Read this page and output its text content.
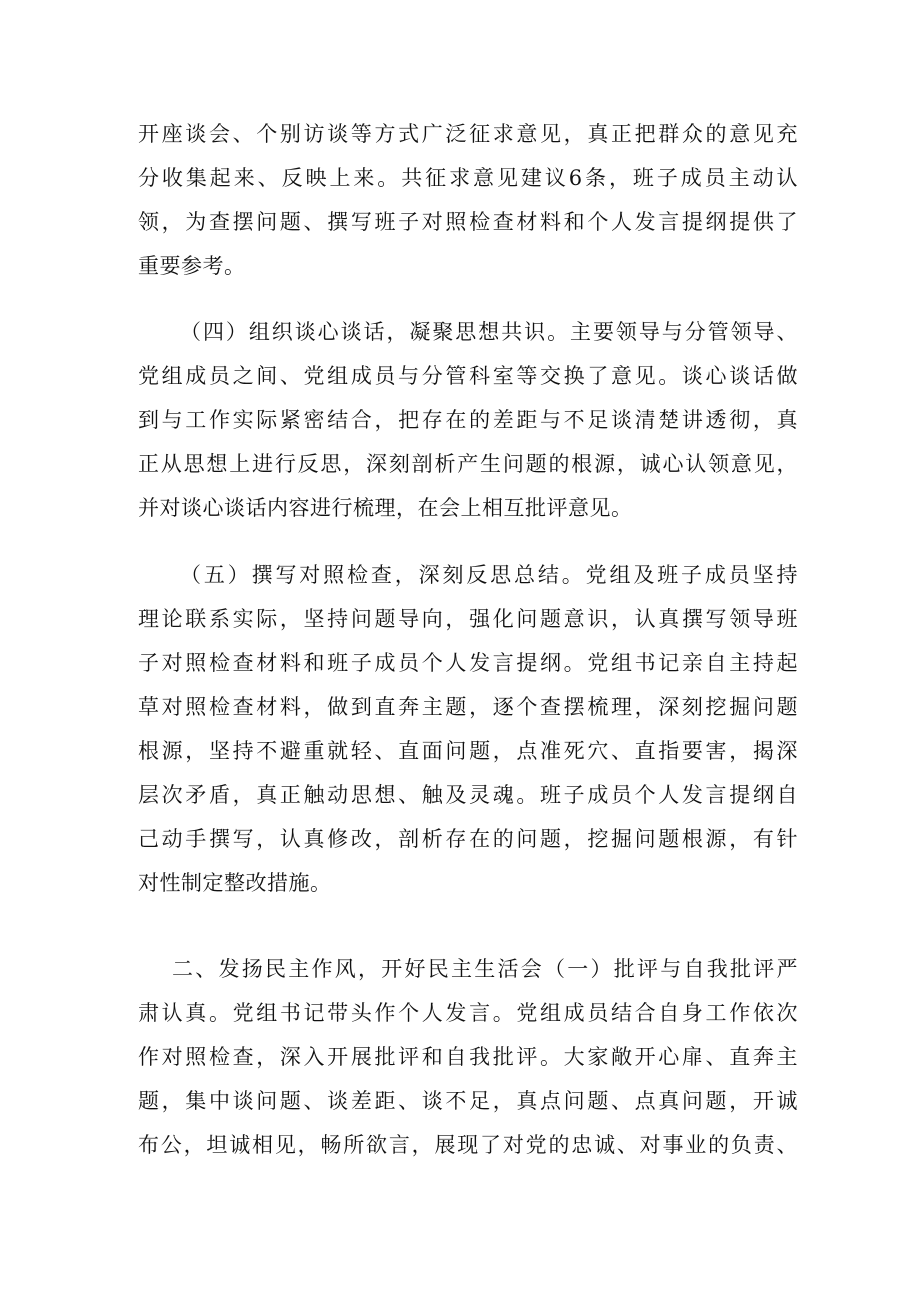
开座谈会、个别访谈等方式广泛征求意见，真正把群众的意见充
分收集起来、反映上来。共征求意见建议6条，班子成员主动认
领，为查摆问题、撰写班子对照检查材料和个人发言提纲提供了
重要参考。
（四）组织谈心谈话，凝聚思想共识。主要领导与分管领导、
党组成员之间、党组成员与分管科室等交换了意见。谈心谈话做
到与工作实际紧密结合，把存在的差距与不足谈清楚讲透彻，真
正从思想上进行反思，深刻剖析产生问题的根源，诚心认领意见，
并对谈心谈话内容进行梳理，在会上相互批评意见。
（五）撰写对照检查，深刻反思总结。党组及班子成员坚持
理论联系实际，坚持问题导向，强化问题意识，认真撰写领导班
子对照检查材料和班子成员个人发言提纲。党组书记亲自主持起
草对照检查材料，做到直奔主题，逐个查摆梳理，深刻挖掘问题
根源，坚持不避重就轻、直面问题，点准死穴、直指要害，揭深
层次矛盾，真正触动思想、触及灵魂。班子成员个人发言提纲自
己动手撰写，认真修改，剖析存在的问题，挖掘问题根源，有针
对性制定整改措施。
二、发扬民主作风，开好民主生活会（一）批评与自我批评严
肃认真。党组书记带头作个人发言。党组成员结合自身工作依次
作对照检查，深入开展批评和自我批评。大家敞开心扉、直奔主
题，集中谈问题、谈差距、谈不足，真点问题、点真问题，开诚
布公，坦诚相见，畅所欲言，展现了对党的忠诚、对事业的负责、
